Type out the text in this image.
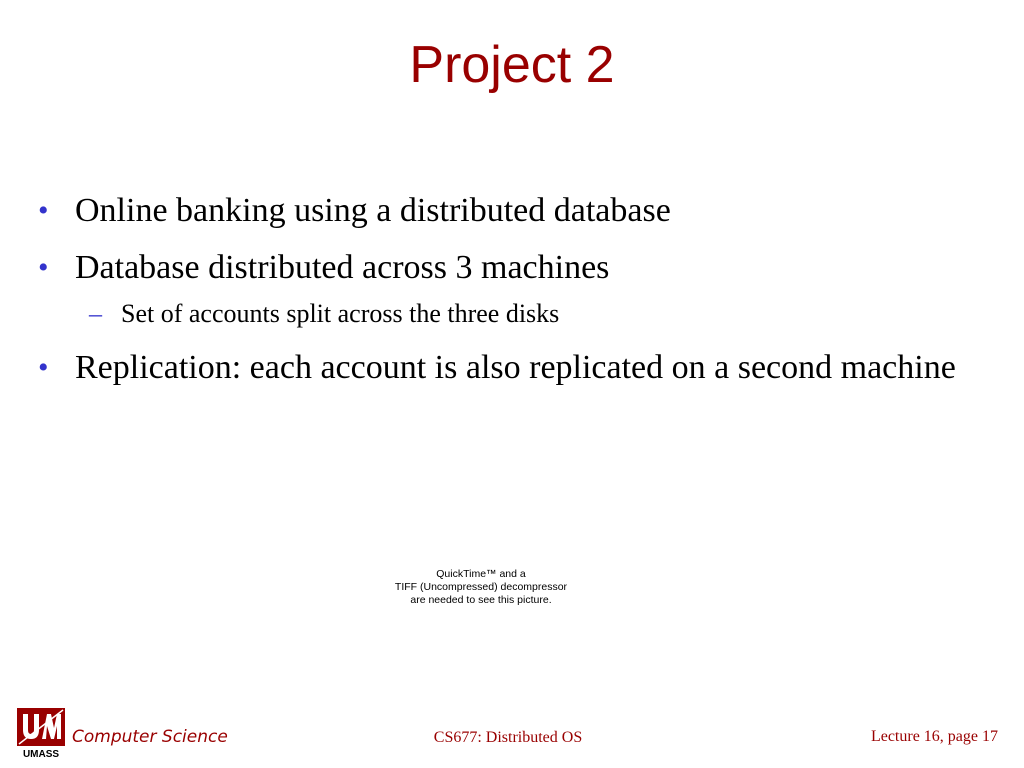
Project 2
• Online banking using a distributed database
• Database distributed across 3 machines
– Set of accounts split across the three disks
• Replication: each account is also replicated on a second machine
QuickTime™ and a
TIFF (Uncompressed) decompressor
are needed to see this picture.
UMASS
Computer Science	CS677: Distributed OS	Lecture 16, page 17
